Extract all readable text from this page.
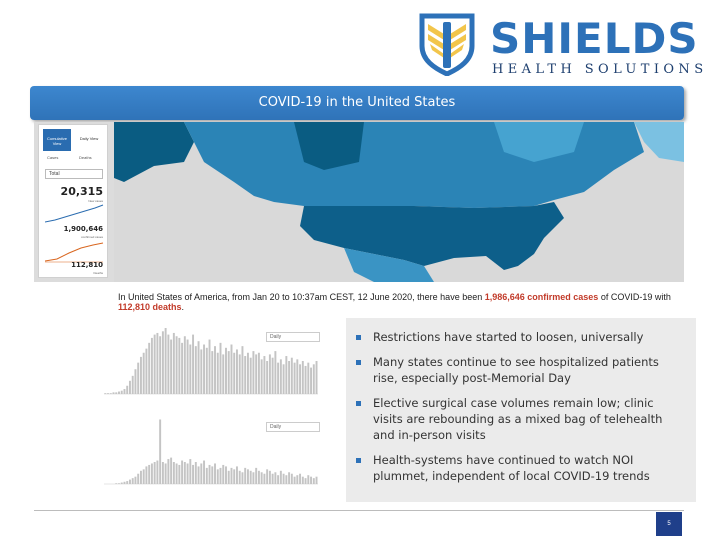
SHIELDS
HEALTH SOLUTIONS
COVID-19 in the United States
Cumulative View
Daily View
Cases	Deaths
Total
20,315
New cases
1,900,646
confirmed cases
112,810
Deaths
In United States of America, from Jan 20 to 10:37am CEST, 12 June 2020, there have been 1,986,646 confirmed cases of COVID-19 with
112,810 deaths.
Daily
Daily
Restrictions have started to loosen, universally
Many states continue to see hospitalized patients rise, especially post-Memorial Day
Elective surgical case volumes remain low; clinic visits are rebounding as a mixed bag of telehealth and in-person visits
Health-systems have continued to watch NOI plummet, independent of local COVID-19 trends
5
